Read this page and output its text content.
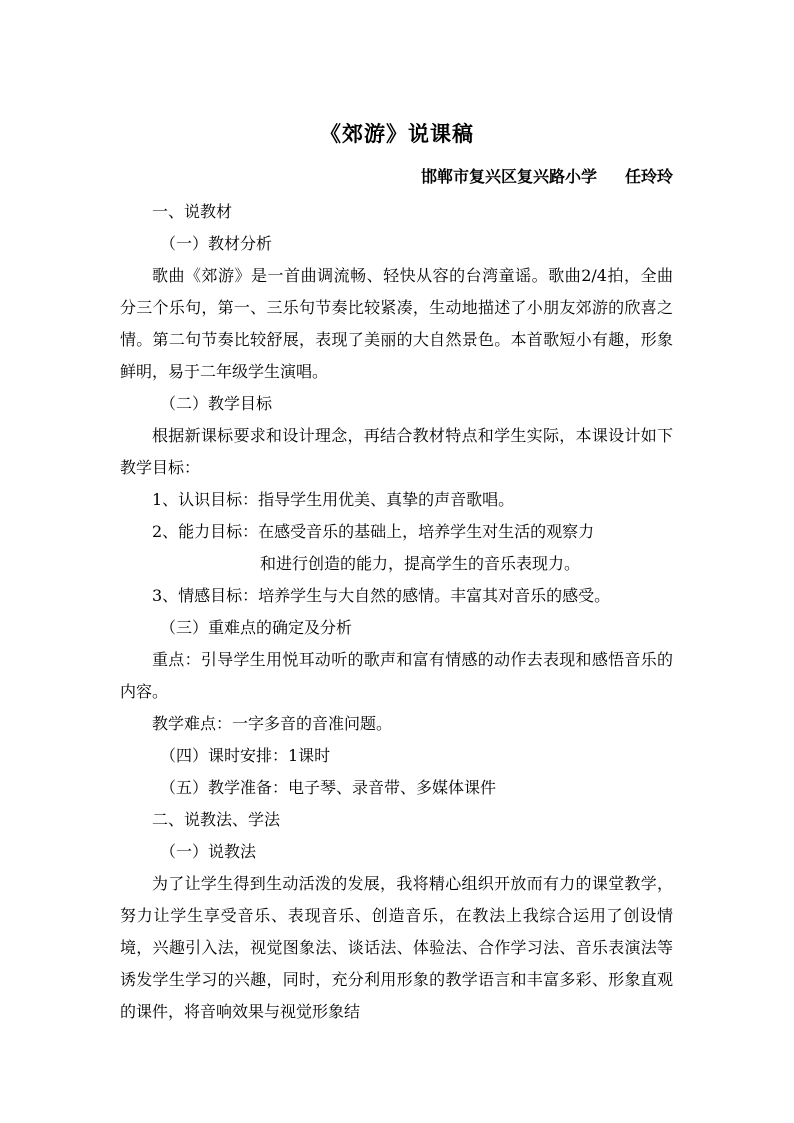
《郊游》说课稿
邯郸市复兴区复兴路小学 任玲玲

一、说教材

（一）教材分析

歌曲《郊游》是一首曲调流畅、轻快从容的台湾童谣。歌曲2/4拍，全曲分三个乐句，第一、三乐句节奏比较紧凑，生动地描述了小朋友郊游的欣喜之情。第二句节奏比较舒展，表现了美丽的大自然景色。本首歌短小有趣，形象鲜明，易于二年级学生演唱。

（二）教学目标

根据新课标要求和设计理念，再结合教材特点和学生实际，本课设计如下教学目标：

1、认识目标：指导学生用优美、真挚的声音歌唱。

2、能力目标：在感受音乐的基础上，培养学生对生活的观察力

和进行创造的能力，提高学生的音乐表现力。

3、情感目标：培养学生与大自然的感情。丰富其对音乐的感受。

（三）重难点的确定及分析

重点：引导学生用悦耳动听的歌声和富有情感的动作去表现和感悟音乐的内容。

教学难点：一字多音的音准问题。

（四）课时安排：1课时

（五）教学准备：电子琴、录音带、多媒体课件

二、说教法、学法

（一）说教法

为了让学生得到生动活泼的发展，我将精心组织开放而有力的课堂教学，努力让学生享受音乐、表现音乐、创造音乐，在教法上我综合运用了创设情境，兴趣引入法，视觉图象法、谈话法、体验法、合作学习法、音乐表演法等诱发学生学习的兴趣，同时，充分利用形象的教学语言和丰富多彩、形象直观的课件，将音响效果与视觉形象结
